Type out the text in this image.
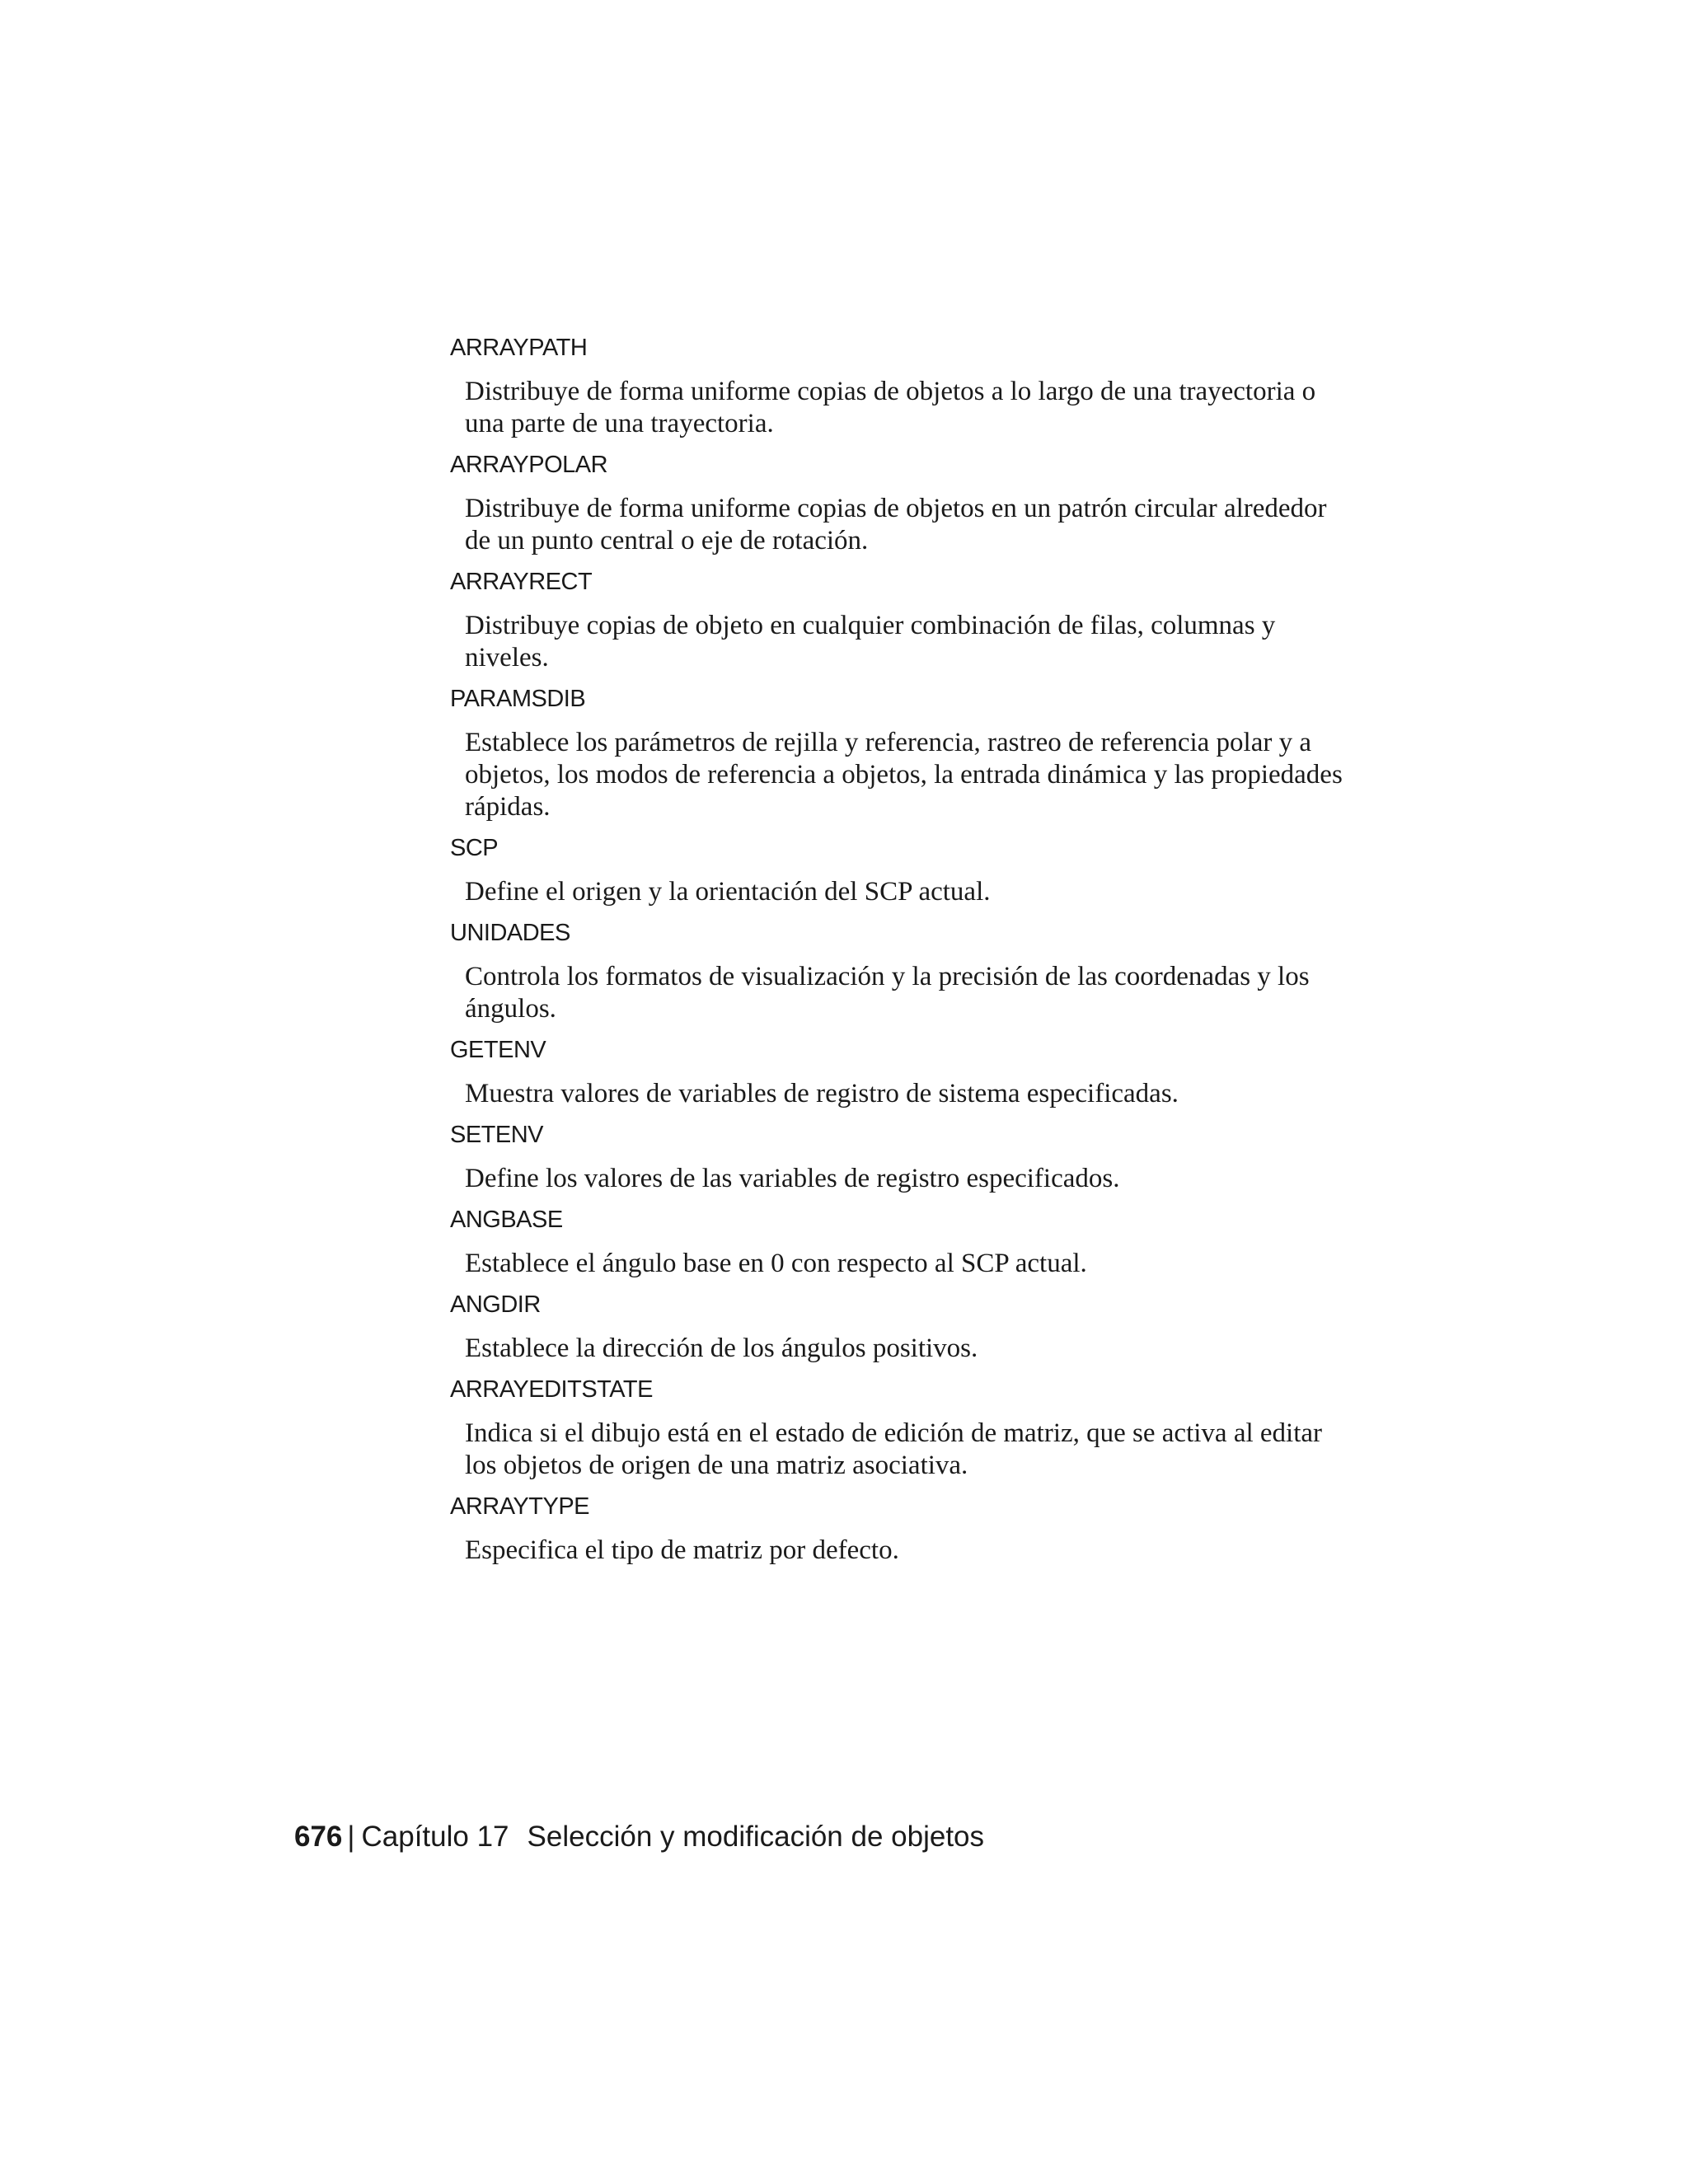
ARRAYPATH

Distribuye de forma uniforme copias de objetos a lo largo de una trayectoria o una parte de una trayectoria.

ARRAYPOLAR

Distribuye de forma uniforme copias de objetos en un patrón circular alrededor de un punto central o eje de rotación.

ARRAYRECT

Distribuye copias de objeto en cualquier combinación de filas, columnas y niveles.

PARAMSDIB

Establece los parámetros de rejilla y referencia, rastreo de referencia polar y a objetos, los modos de referencia a objetos, la entrada dinámica y las propiedades rápidas.

SCP

Define el origen y la orientación del SCP actual.

UNIDADES

Controla los formatos de visualización y la precisión de las coordenadas y los ángulos.

GETENV

Muestra valores de variables de registro de sistema especificadas.

SETENV

Define los valores de las variables de registro especificados.

ANGBASE

Establece el ángulo base en 0 con respecto al SCP actual.

ANGDIR

Establece la dirección de los ángulos positivos.

ARRAYEDITSTATE

Indica si el dibujo está en el estado de edición de matriz, que se activa al editar los objetos de origen de una matriz asociativa.

ARRAYTYPE

Especifica el tipo de matriz por defecto.

676 | Capítulo 17 Selección y modificación de objetos
